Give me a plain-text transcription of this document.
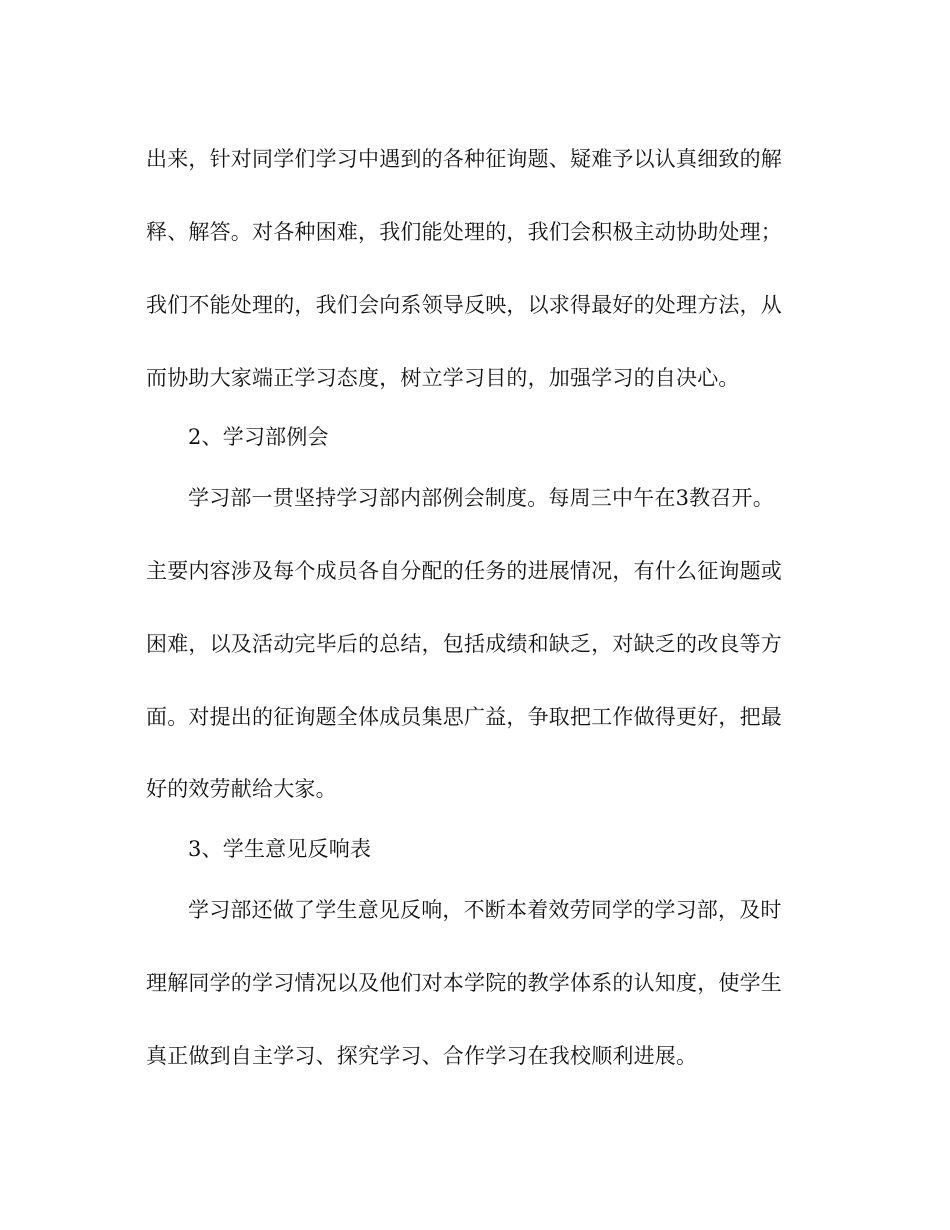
出来，针对同学们学习中遇到的各种征询题、疑难予以认真细致的解
释、解答。对各种困难，我们能处理的，我们会积极主动协助处理；
我们不能处理的，我们会向系领导反映，以求得最好的处理方法，从
而协助大家端正学习态度，树立学习目的，加强学习的自决心。
2、学习部例会
学习部一贯坚持学习部内部例会制度。每周三中午在3教召开。
主要内容涉及每个成员各自分配的任务的进展情况，有什么征询题或
困难，以及活动完毕后的总结，包括成绩和缺乏，对缺乏的改良等方
面。对提出的征询题全体成员集思广益，争取把工作做得更好，把最
好的效劳献给大家。
3、学生意见反响表
学习部还做了学生意见反响，不断本着效劳同学的学习部，及时
理解同学的学习情况以及他们对本学院的教学体系的认知度，使学生
真正做到自主学习、探究学习、合作学习在我校顺利进展。
